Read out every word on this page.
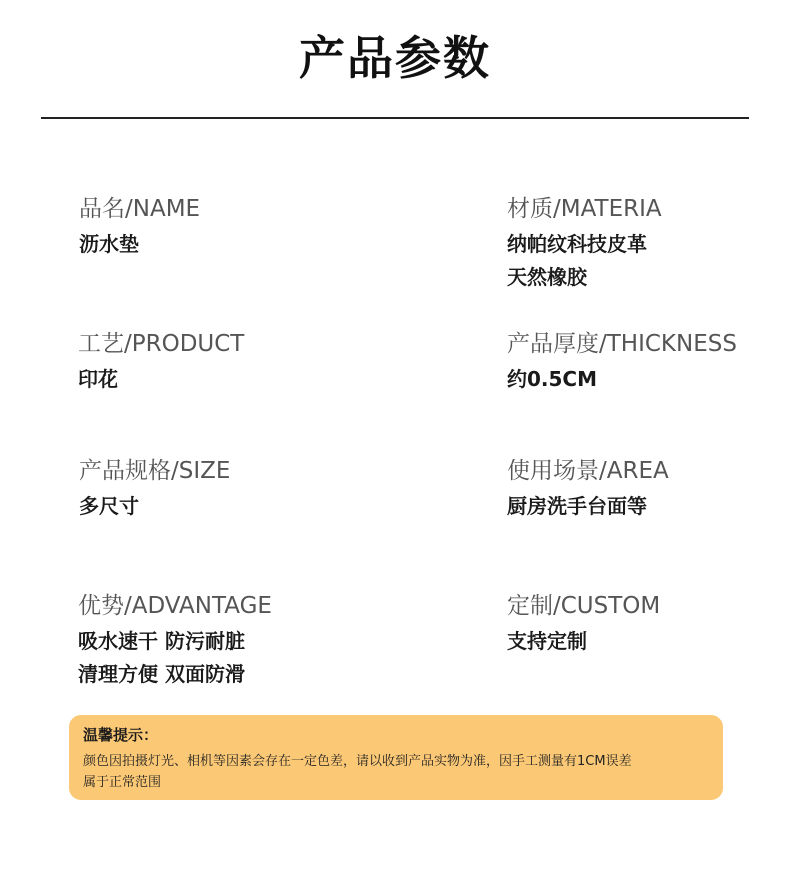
产品参数
品名/NAME
沥水垫
材质/MATERIA
纳帕纹科技皮革
天然橡胶
工艺/PRODUCT
印花
产品厚度/THICKNESS
约0.5CM
产品规格/SIZE
多尺寸
使用场景/AREA
厨房洗手台面等
优势/ADVANTAGE
吸水速干 防污耐脏
清理方便 双面防滑
定制/CUSTOM
支持定制
温馨提示：
颜色因拍摄灯光、相机等因素会存在一定色差，请以收到产品实物为准，因手工测量有1CM误差
属于正常范围
